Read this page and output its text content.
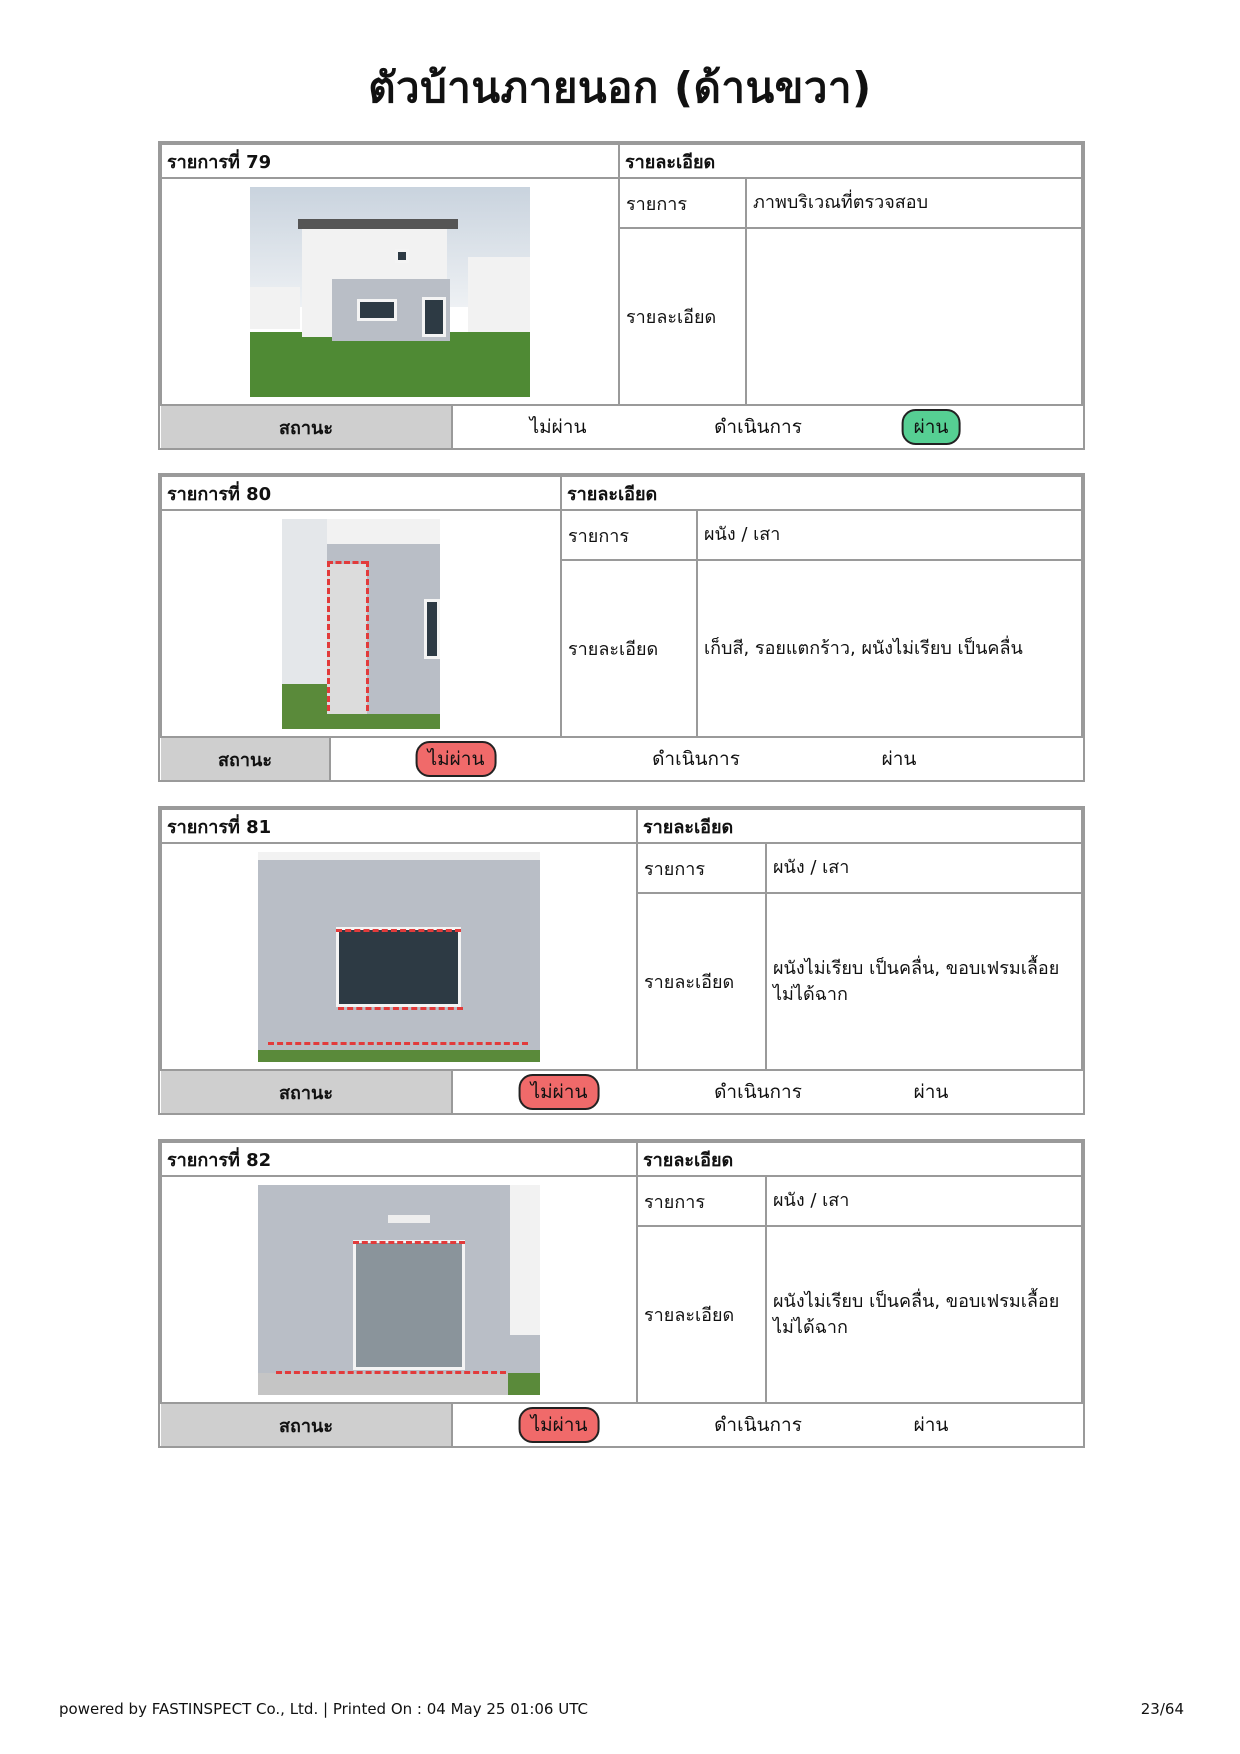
ตัวบ้านภายนอก (ด้านขวา)
รายการที่ 79	รายละเอียด	

	รายการ	ภาพบริเวณที่ตรวจสอบ
	รายละเอียด	

สถานะ ไม่ผ่าน ดำเนินการ ผ่าน		
รายการที่ 80	รายละเอียด	

	รายการ	ผนัง / เสา
	รายละเอียด	เก็บสี, รอยแตกร้าว, ผนังไม่เรียบ เป็นคลื่น

สถานะ ไม่ผ่าน ดำเนินการ ผ่าน		
รายการที่ 81	รายละเอียด	

	รายการ	ผนัง / เสา
	รายละเอียด	ผนังไม่เรียบ เป็นคลื่น, ขอบเฟรมเลื้อย ไม่ได้ฉาก

สถานะ ไม่ผ่าน ดำเนินการ ผ่าน		
รายการที่ 82	รายละเอียด	

	รายการ	ผนัง / เสา
	รายละเอียด	ผนังไม่เรียบ เป็นคลื่น, ขอบเฟรมเลื้อย ไม่ได้ฉาก

สถานะ ไม่ผ่าน ดำเนินการ ผ่าน		
powered by FASTINSPECT Co., Ltd. | Printed On : 04 May 25 01:06 UTC	23/64
